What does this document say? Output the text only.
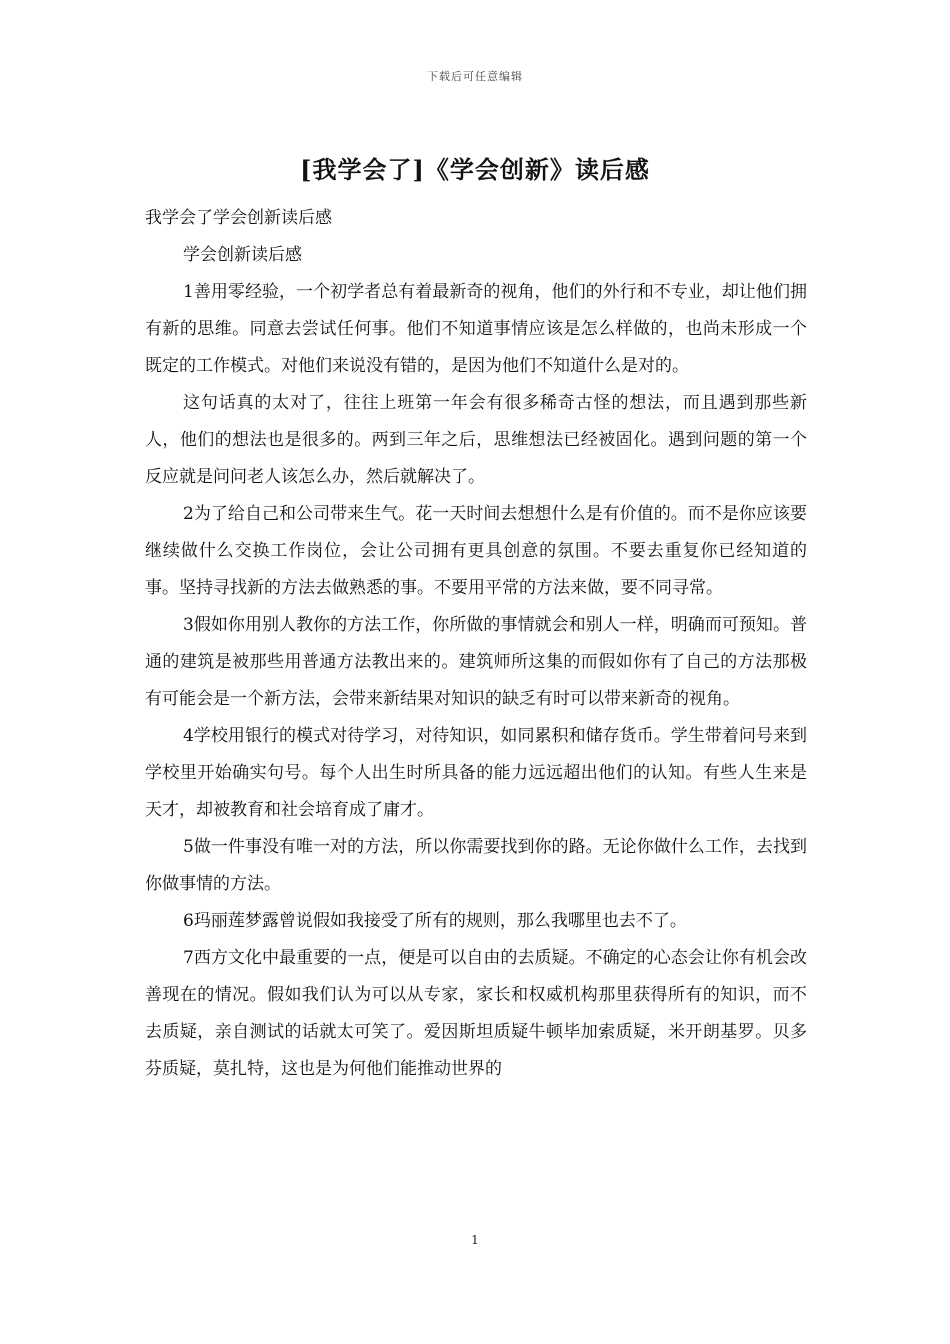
下载后可任意编辑
[我学会了]《学会创新》读后感

我学会了学会创新读后感

学会创新读后感

1善用零经验，一个初学者总有着最新奇的视角，他们的外行和不专业，却让他们拥有新的思维。同意去尝试任何事。他们不知道事情应该是怎么样做的，也尚未形成一个既定的工作模式。对他们来说没有错的，是因为他们不知道什么是对的。

这句话真的太对了，往往上班第一年会有很多稀奇古怪的想法，而且遇到那些新人，他们的想法也是很多的。两到三年之后，思维想法已经被固化。遇到问题的第一个反应就是问问老人该怎么办，然后就解决了。

2为了给自己和公司带来生气。花一天时间去想想什么是有价值的。而不是你应该要继续做什么交换工作岗位，会让公司拥有更具创意的氛围。不要去重复你已经知道的事。坚持寻找新的方法去做熟悉的事。不要用平常的方法来做，要不同寻常。

3假如你用别人教你的方法工作，你所做的事情就会和别人一样，明确而可预知。普通的建筑是被那些用普通方法教出来的。建筑师所这集的而假如你有了自己的方法那极有可能会是一个新方法，会带来新结果对知识的缺乏有时可以带来新奇的视角。

4学校用银行的模式对待学习，对待知识，如同累积和储存货币。学生带着问号来到学校里开始确实句号。每个人出生时所具备的能力远远超出他们的认知。有些人生来是天才，却被教育和社会培育成了庸才。

5做一件事没有唯一对的方法，所以你需要找到你的路。无论你做什么工作，去找到你做事情的方法。

6玛丽莲梦露曾说假如我接受了所有的规则，那么我哪里也去不了。

7西方文化中最重要的一点，便是可以自由的去质疑。不确定的心态会让你有机会改善现在的情况。假如我们认为可以从专家，家长和权威机构那里获得所有的知识，而不去质疑，亲自测试的话就太可笑了。爱因斯坦质疑牛顿毕加索质疑，米开朗基罗。贝多芬质疑，莫扎特，这也是为何他们能推动世界的

1
